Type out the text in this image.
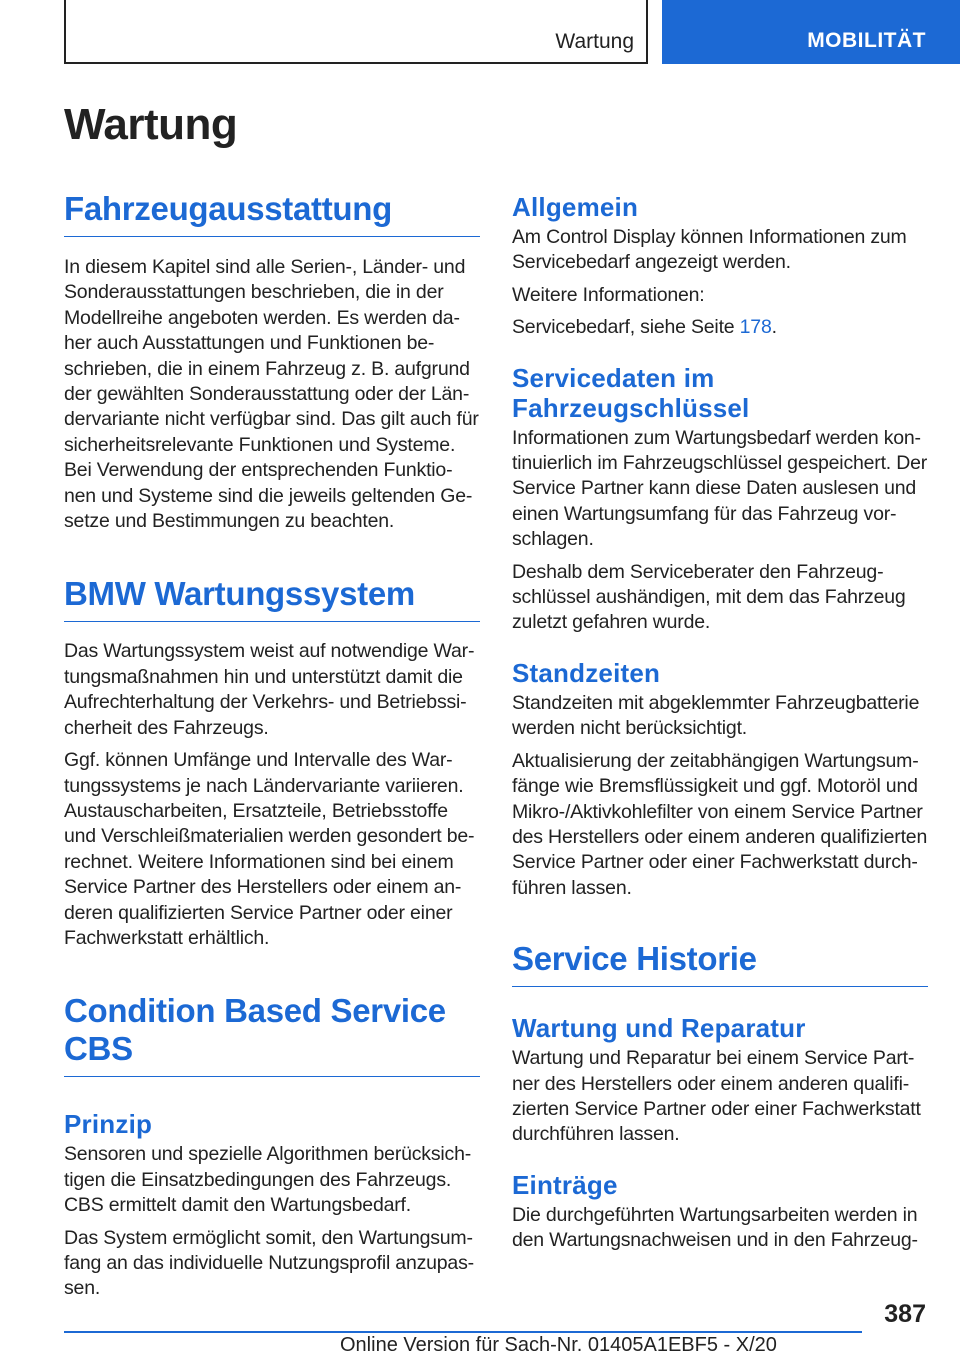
Wartung	MOBILITÄT
Wartung
Fahrzeugausstattung

In diesem Kapitel sind alle Serien-, Länder- und
Sonderausstattungen beschrieben, die in der
Modellreihe angeboten werden. Es werden da-
her auch Ausstattungen und Funktionen be-
schrieben, die in einem Fahrzeug z. B. aufgrund
der gewählten Sonderausstattung oder der Län-
dervariante nicht verfügbar sind. Das gilt auch für
sicherheitsrelevante Funktionen und Systeme.
Bei Verwendung der entsprechenden Funktio-
nen und Systeme sind die jeweils geltenden Ge-
setze und Bestimmungen zu beachten.

BMW Wartungssystem

Das Wartungssystem weist auf notwendige War-
tungsmaßnahmen hin und unterstützt damit die
Aufrechterhaltung der Verkehrs- und Betriebssi-
cherheit des Fahrzeugs.

Ggf. können Umfänge und Intervalle des War-
tungssystems je nach Ländervariante variieren.
Austauscharbeiten, Ersatzteile, Betriebsstoffe
und Verschleißmaterialien werden gesondert be-
rechnet. Weitere Informationen sind bei einem
Service Partner des Herstellers oder einem an-
deren qualifizierten Service Partner oder einer
Fachwerkstatt erhältlich.

Condition Based Service
CBS
Prinzip

Sensoren und spezielle Algorithmen berücksich-
tigen die Einsatzbedingungen des Fahrzeugs.
CBS ermittelt damit den Wartungsbedarf.

Das System ermöglicht somit, den Wartungsum-
fang an das individuelle Nutzungsprofil anzupas-
sen.

Allgemein

Am Control Display können Informationen zum
Servicebedarf angezeigt werden.

Weitere Informationen:

Servicebedarf, siehe Seite 178.

Servicedaten im
Fahrzeugschlüssel

Informationen zum Wartungsbedarf werden kon-
tinuierlich im Fahrzeugschlüssel gespeichert. Der
Service Partner kann diese Daten auslesen und
einen Wartungsumfang für das Fahrzeug vor-
schlagen.

Deshalb dem Serviceberater den Fahrzeug-
schlüssel aushändigen, mit dem das Fahrzeug
zuletzt gefahren wurde.

Standzeiten

Standzeiten mit abgeklemmter Fahrzeugbatterie
werden nicht berücksichtigt.

Aktualisierung der zeitabhängigen Wartungsum-
fänge wie Bremsflüssigkeit und ggf. Motoröl und
Mikro-/Aktivkohlefilter von einem Service Partner
des Herstellers oder einem anderen qualifizierten
Service Partner oder einer Fachwerkstatt durch-
führen lassen.

Service Historie
Wartung und Reparatur

Wartung und Reparatur bei einem Service Part-
ner des Herstellers oder einem anderen qualifi-
zierten Service Partner oder einer Fachwerkstatt
durchführen lassen.

Einträge

Die durchgeführten Wartungsarbeiten werden in
den Wartungsnachweisen und in den Fahrzeug-

387
Online Version für Sach-Nr. 01405A1EBF5 - X/20
